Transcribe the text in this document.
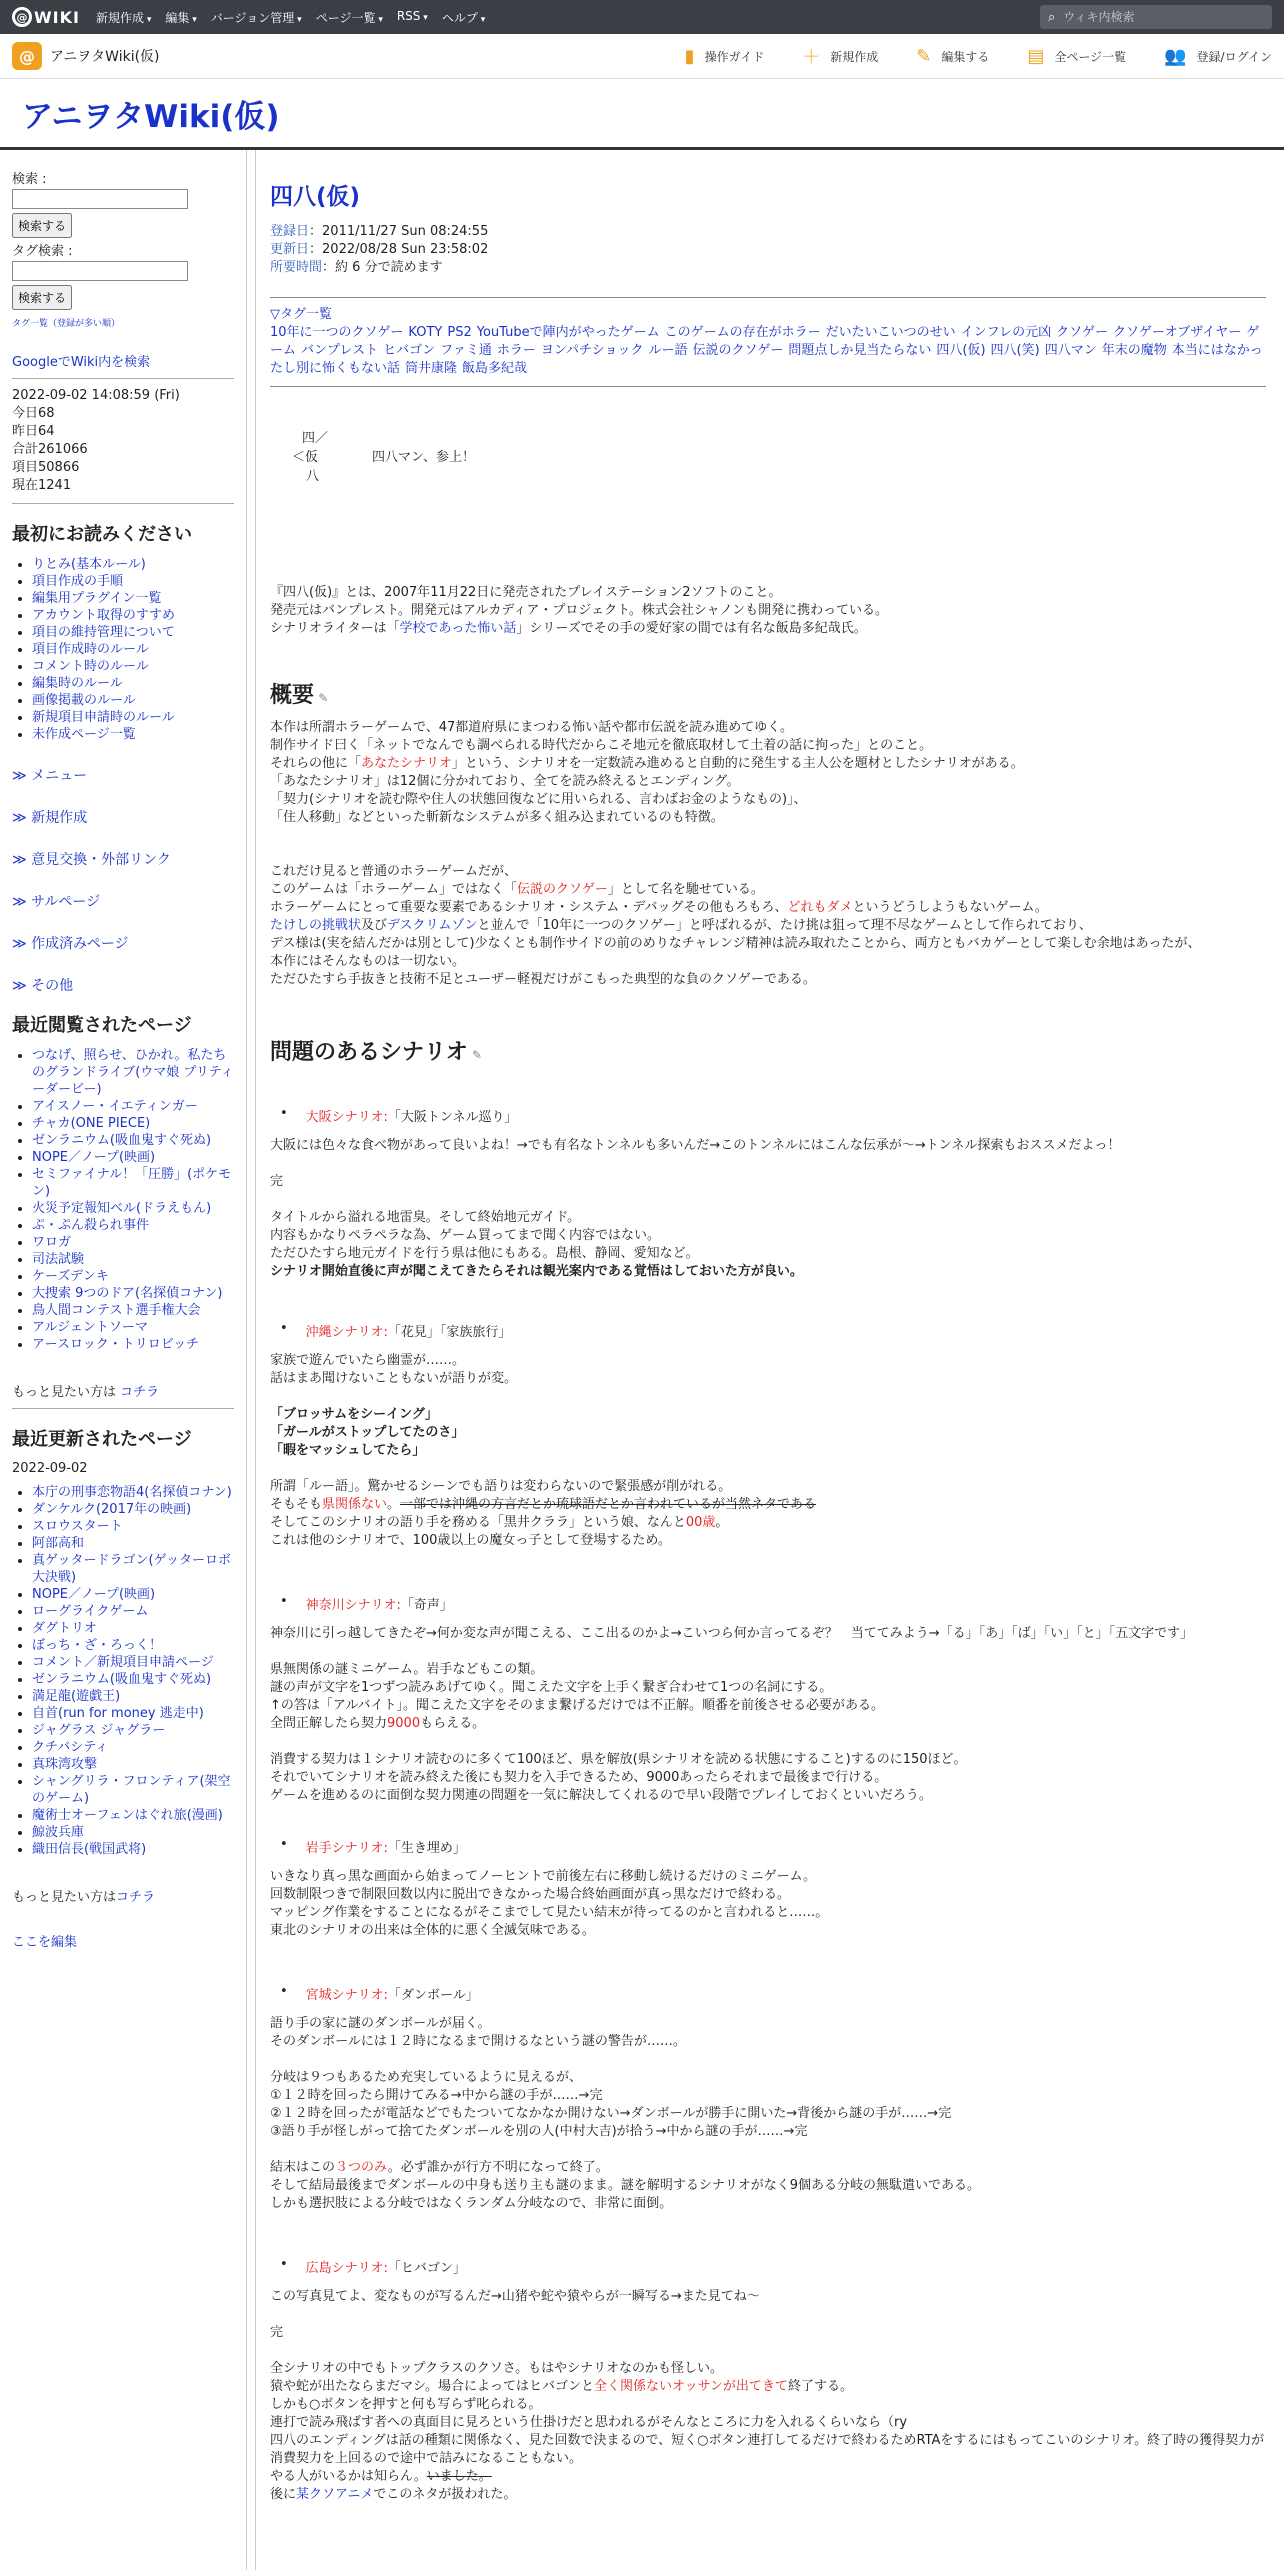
@ WIKI 新規作成 ▾	編集 ▾	バージョン管理 ▾	ページ一覧 ▾	RSS ▾	ヘルプ ▾	⌕
ウィキ内検索
@	アニヲタWiki(仮)	▮ 操作ガイド ＋ 新規作成 ✎ 編集する ▤ 全ページ一覧 👥 登録/ログイン
アニヲタWiki(仮)
検索 :

検索する
タグ検索 :

検索する
タグ一覧（登録が多い順）
GoogleでWiki内を検索
2022-09-02 14:08:59 (Fri)
今日68
昨日64
合計261066
項目50866
現在1241
最初にお読みください
• りとみ(基本ルール)
• 項目作成の手順
• 編集用プラグイン一覧
• アカウント取得のすすめ
• 項目の維持管理について
• 項目作成時のルール
• コメント時のルール
• 編集時のルール
• 画像掲載のルール
• 新規項目申請時のルール
• 未作成ページ一覧
≫ メニュー
≫ 新規作成
≫ 意見交換・外部リンク
≫ サルページ
≫ 作成済みページ
≫ その他
最近閲覧されたページ
• つなげ、照らせ、ひかれ。私たちのグランドライブ(ウマ娘 プリティーダービー)
• アイスノー・イエティンガー
• チャカ(ONE PIECE)
• ゼンラニウム(吸血鬼すぐ死ぬ)
• NOPE／ノープ(映画)
• セミファイナル！「圧勝」(ポケモン)
• 火災予定報知ベル(ドラえもん)
• ぷ・ぷん殺られ事件
• ワロガ
• 司法試験
• ケーズデンキ
• 大捜索 9つのドア(名探偵コナン)
• 鳥人間コンテスト選手権大会
• アルジェントソーマ
• アースロック・トリロビッチ
もっと見たい方は コチラ
最近更新されたページ
2022-09-02
• 本庁の刑事恋物語4(名探偵コナン)
• ダンケルク(2017年の映画)
• スロウスタート
• 阿部高和
• 真ゲッタードラゴン(ゲッターロボ大決戦)
• NOPE／ノープ(映画)
• ローグライクゲーム
• ダグトリオ
• ぼっち・ざ・ろっく！
• コメント／新規項目申請ページ
• ゼンラニウム(吸血鬼すぐ死ぬ)
• 満足龍(遊戯王)
• 自首(run for money 逃走中)
• ジャグラス ジャグラー
• クチバシティ
• 真珠湾攻撃
• シャングリラ・フロンティア(架空のゲーム)
• 魔術士オーフェンはぐれ旅(漫画)
• 鯨波兵庫
• 織田信長(戦国武将)
もっと見たい方はコチラ
ここを編集
四八(仮)
登録日：2011/11/27 Sun 08:24:55
更新日：2022/08/28 Sun 23:58:02
所要時間：約 6 分で読めます
▽タグ一覧
10年に一つのクソゲー KOTY PS2 YouTubeで陣内がやったゲーム このゲームの存在がホラー だいたいこいつのせい インフレの元凶 クソゲー クソゲーオブザイヤー ゲーム バンプレスト ヒバゴン ファミ通 ホラー ヨンパチショック ルー語 伝説のクソゲー 問題点しか見当たらない 四八(仮) 四八(笑) 四八マン 年末の魔物 本当にはなかったし別に怖くもない話 筒井康隆 飯島多紀哉
四／
＜仮	四八マン、参上！
八
『四八(仮)』とは、2007年11月22日に発売されたプレイステーション2ソフトのこと。
発売元はバンプレスト。開発元はアルカディア・プロジェクト。株式会社シャノンも開発に携わっている。
シナリオライターは「学校であった怖い話」シリーズでその手の愛好家の間では有名な飯島多紀哉氏。
概要 ✎
本作は所謂ホラーゲームで、47都道府県にまつわる怖い話や都市伝説を読み進めてゆく。
制作サイド曰く「ネットでなんでも調べられる時代だからこそ地元を徹底取材して土着の話に拘った」とのこと。
それらの他に「あなたシナリオ」という、シナリオを一定数読み進めると自動的に発生する主人公を題材としたシナリオがある。
「あなたシナリオ」は12個に分かれており、全てを読み終えるとエンディング。
「契力(シナリオを読む際や住人の状態回復などに用いられる、言わばお金のようなもの)」、
「住人移動」などといった斬新なシステムが多く組み込まれているのも特徴。
これだけ見ると普通のホラーゲームだが、
このゲームは「ホラーゲーム」ではなく「伝説のクソゲー」として名を馳せている。
ホラーゲームにとって重要な要素であるシナリオ・システム・デバッグその他もろもろ、どれもダメというどうしようもないゲーム。
たけしの挑戦状及びデスクリムゾンと並んで「10年に一つのクソゲー」と呼ばれるが、たけ挑は狙って理不尽なゲームとして作られており、
デス様は(実を結んだかは別として)少なくとも制作サイドの前のめりなチャレンジ精神は読み取れたことから、両方ともバカゲーとして楽しむ余地はあったが、
本作にはそんなものは一切ない。
ただひたすら手抜きと技術不足とユーザー軽視だけがこもった典型的な負のクソゲーである。
問題のあるシナリオ ✎
• 大阪シナリオ: 「大阪トンネル巡り」
大阪には色々な食べ物があって良いよね！→でも有名なトンネルも多いんだ→このトンネルにはこんな伝承が～→トンネル探索もおススメだよっ！
完
タイトルから溢れる地雷臭。そして終始地元ガイド。
内容もかなりペラペラな為、ゲーム買ってまで聞く内容ではない。
ただひたすら地元ガイドを行う県は他にもある。島根、静岡、愛知など。
シナリオ開始直後に声が聞こえてきたらそれは観光案内である覚悟はしておいた方が良い。
• 沖縄シナリオ: 「花見」「家族旅行」
家族で遊んでいたら幽霊が……。
話はまあ聞けないこともないが語りが変。
「ブロッサムをシーイング」
「ガールがストップしてたのさ」
「暇をマッシュしてたら」
所謂「ルー語」。驚かせるシーンでも語りは変わらないので緊張感が削がれる。
そもそも県関係ない。一部では沖縄の方言だとか琉球語だとか言われているが当然ネタである
そしてこのシナリオの語り手を務める「黒井クララ」という娘、なんと00歳。
これは他のシナリオで、100歳以上の魔女っ子として登場するため。
• 神奈川シナリオ: 「奇声」
神奈川に引っ越してきたぞ→何か変な声が聞こえる、ここ出るのかよ→こいつら何か言ってるぞ？　当ててみよう→「る」「あ」「ば」「い」「と」「五文字です」
県無関係の謎ミニゲーム。岩手などもこの類。
謎の声が文字を1つずつ読みあげてゆく。聞こえた文字を上手く繋ぎ合わせて1つの名詞にする。
↑の答は「アルバイト」。聞こえた文字をそのまま繋げるだけでは不正解。順番を前後させる必要がある。
全問正解したら契力9000もらえる。
消費する契力は１シナリオ読むのに多くて100ほど、県を解放(県シナリオを読める状態にすること)するのに150ほど。
それでいてシナリオを読み終えた後にも契力を入手できるため、9000あったらそれまで最後まで行ける。
ゲームを進めるのに面倒な契力関連の問題を一気に解決してくれるので早い段階でプレイしておくといいだろう。
• 岩手シナリオ: 「生き埋め」
いきなり真っ黒な画面から始まってノーヒントで前後左右に移動し続けるだけのミニゲーム。
回数制限つきで制限回数以内に脱出できなかった場合終始画面が真っ黒なだけで終わる。
マッピング作業をすることになるがそこまでして見たい結末が待ってるのかと言われると……。
東北のシナリオの出来は全体的に悪く全滅気味である。
• 宮城シナリオ: 「ダンボール」
語り手の家に謎のダンボールが届く。
そのダンボールには１２時になるまで開けるなという謎の警告が……。
分岐は９つもあるため充実しているように見えるが、
①１２時を回ったら開けてみる→中から謎の手が……→完
②１２時を回ったが電話などでもたついてなかなか開けない→ダンボールが勝手に開いた→背後から謎の手が……→完
③語り手が怪しがって捨てたダンボールを別の人(中村大吉)が拾う→中から謎の手が……→完
結末はこの３つのみ。必ず誰かが行方不明になって終了。
そして結局最後までダンボールの中身も送り主も謎のまま。謎を解明するシナリオがなく9個ある分岐の無駄遣いである。
しかも選択肢による分岐ではなくランダム分岐なので、非常に面倒。
• 広島シナリオ: 「ヒバゴン」
この写真見てよ、変なものが写るんだ→山猪や蛇や猿やらが一瞬写る→また見てね～
完
全シナリオの中でもトップクラスのクソさ。もはやシナリオなのかも怪しい。
猿や蛇が出たならまだマシ。場合によってはヒバゴンと全く関係ないオッサンが出てきて終了する。
しかも○ボタンを押すと何も写らず叱られる。
連打で読み飛ばす者への真面目に見ろという仕掛けだと思われるがそんなところに力を入れるくらいなら（ry
四八のエンディングは話の種類に関係なく、見た回数で決まるので、短く○ボタン連打してるだけで終わるためRTAをするにはもってこいのシナリオ。終了時の獲得契力が消費契力を上回るので途中で詰みになることもない。
やる人がいるかは知らん。いました。
後に某クソアニメでこのネタが扱われた。
